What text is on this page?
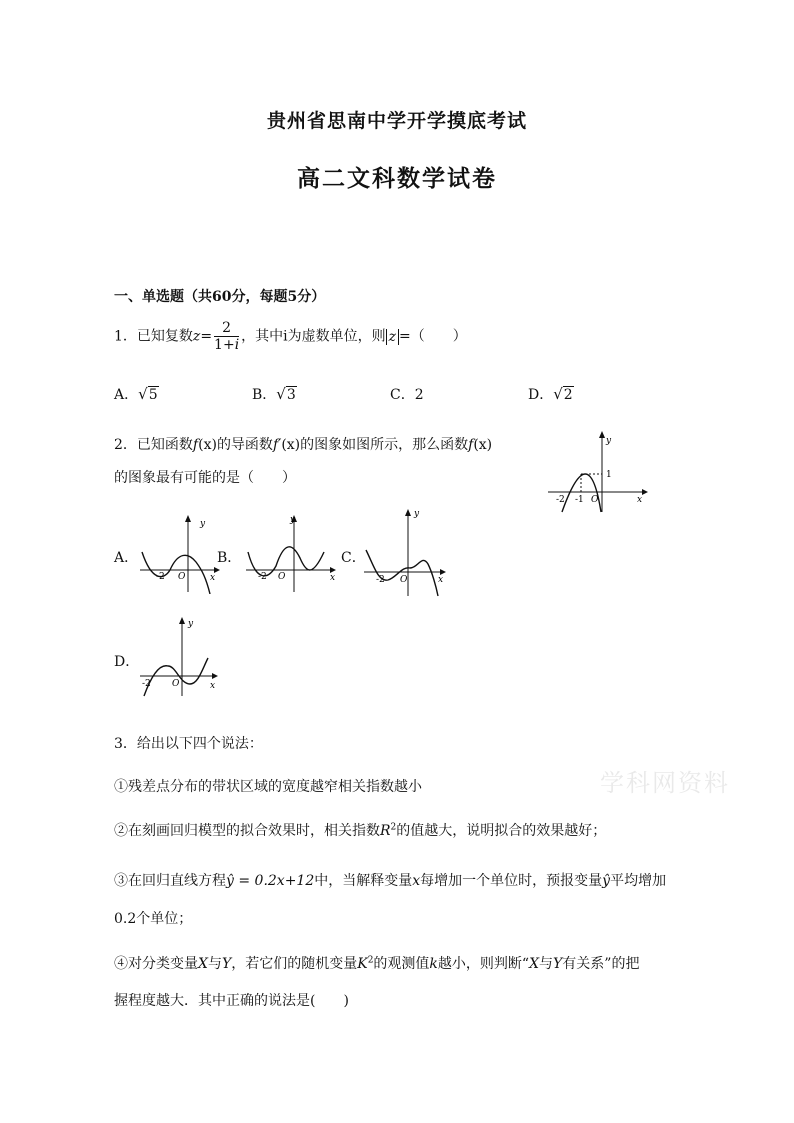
贵州省思南中学开学摸底考试
高二文科数学试卷
一、单选题（共60分，每题5分）
1．已知复数$z= \frac{2}{1+i}$ ，其中i为虚数单位，则 z =（　　）
A．√5	B．√3	C．2	D．√2
2．已知函数f(x)的导函数f′(x)的图象如图所示，那么函数f(x)
的图象最有可能的是（　　）
y
x
1
-2 -1 O
A．	B．	C．
D．
y
x
-2 O
y
x
-2 O
y
x
-2 O
y
x
-2 O
3．给出以下四个说法：
①残差点分布的带状区域的宽度越窄相关指数越小
②在刻画回归模型的拟合效果时，相关指数$R^2$的值越大，说明拟合的效果越好；
③在回归直线方程ŷ = 0.2x+12中，当解释变量x每增加一个单位时，预报变量ŷ平均增加
0.2个单位；
④对分类变量X与Y，若它们的随机变量$K^2$的观测值k越小，则判断“X与Y有关系”的把
握程度越大．其中正确的说法是(　　)
学科网资料
